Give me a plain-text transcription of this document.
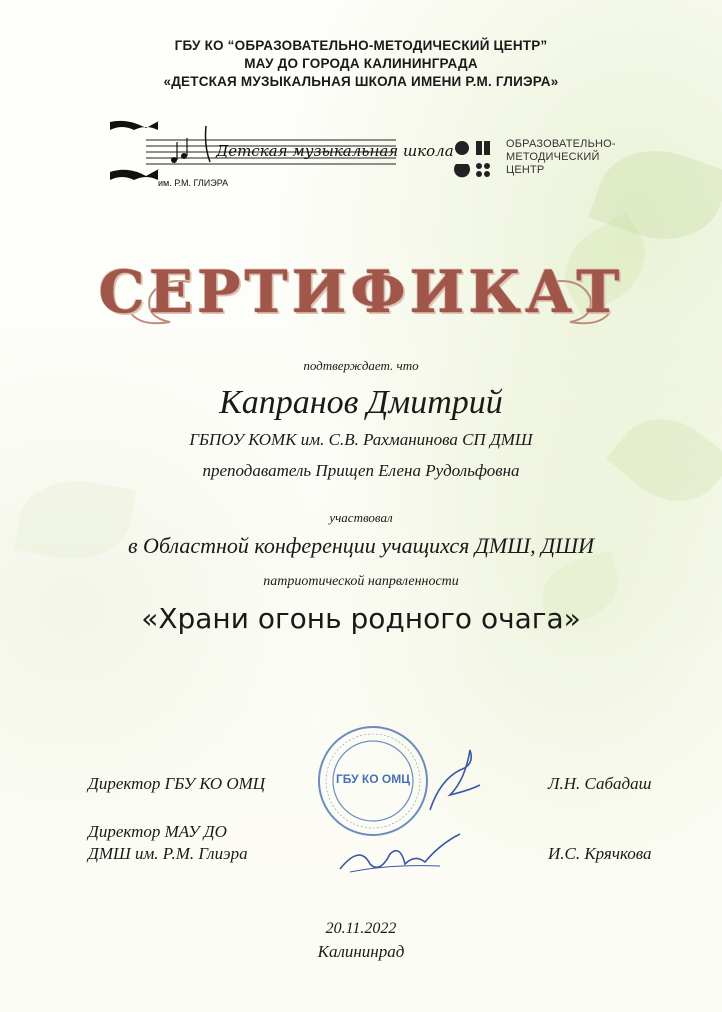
ГБУ КО “ОБРАЗОВАТЕЛЬНО-МЕТОДИЧЕСКИЙ ЦЕНТР”
МАУ ДО ГОРОДА КАЛИНИНГРАДА
«ДЕТСКАЯ МУЗЫКАЛЬНАЯ ШКОЛА ИМЕНИ Р.М. ГЛИЭРА»
Детская музыкальная школа
им. Р.М. ГЛИЭРА
ОБРАЗОВАТЕЛЬНО-
МЕТОДИЧЕСКИЙ
ЦЕНТР
СЕРТИФИКАТ
подтверждает. что
Капранов Дмитрий
ГБПОУ КОМК им. С.В. Рахманинова СП ДМШ
преподаватель Прищеп Елена Рудольфовна
участвовал
в Областной конференции учащихся ДМШ, ДШИ
патриотической напрвленности
«Храни огонь родного очага»
Директор ГБУ КО ОМЦ	Л.Н. Сабадаш
Директор МАУ ДО
ДМШ им. Р.М. Глиэра	И.С. Крячкова
ГБУ КО ОМЦ
20.11.2022
Калининрад
